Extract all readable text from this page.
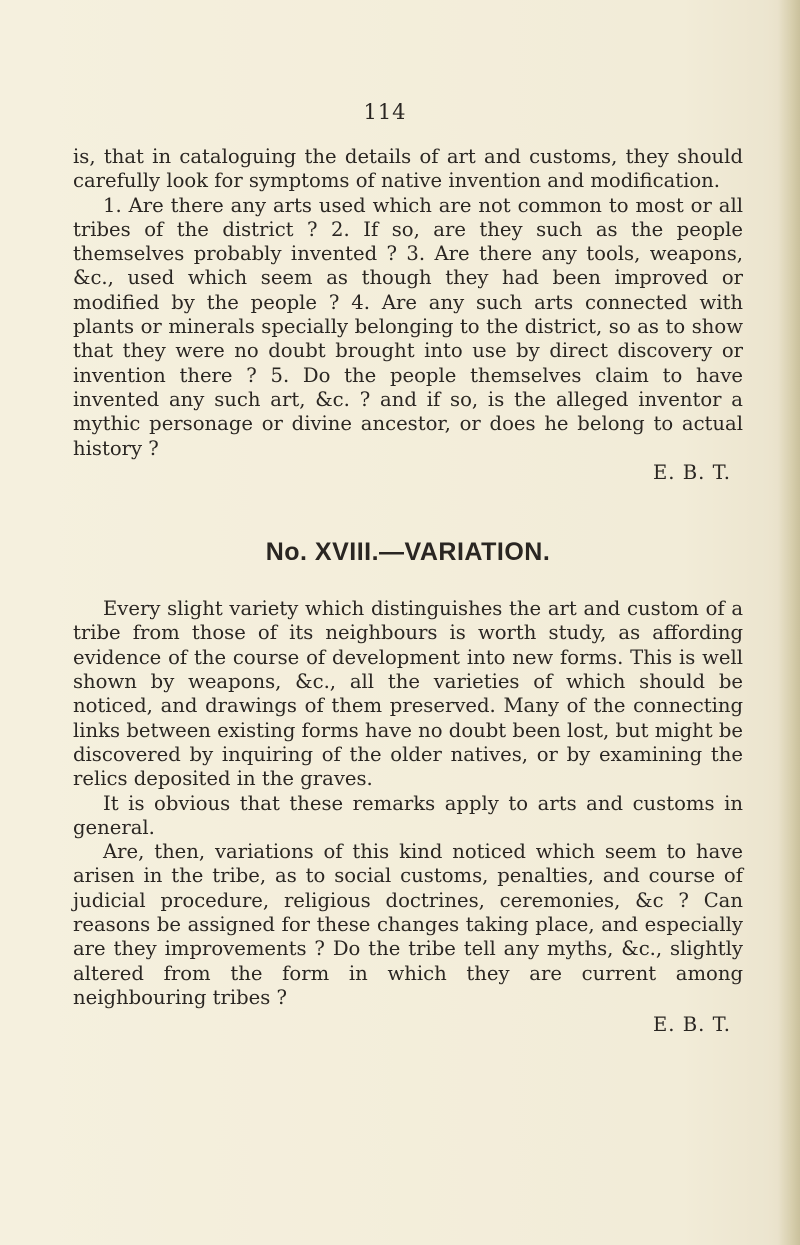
114

is, that in cataloguing the details of art and customs, they should carefully look for symptoms of native invention and modification.

1. Are there any arts used which are not common to most or all tribes of the district ? 2. If so, are they such as the people themselves probably invented ? 3. Are there any tools, weapons, &c., used which seem as though they had been improved or modified by the people ? 4. Are any such arts connected with plants or minerals specially belonging to the district, so as to show that they were no doubt brought into use by direct discovery or invention there ? 5. Do the people themselves claim to have invented any such art, &c. ? and if so, is the alleged inventor a mythic personage or divine ancestor, or does he belong to actual history ?

E. B. T.
No. XVIII.—VARIATION.

Every slight variety which distinguishes the art and custom of a tribe from those of its neighbours is worth study, as affording evidence of the course of development into new forms. This is well shown by weapons, &c., all the varieties of which should be noticed, and drawings of them preserved. Many of the connecting links between existing forms have no doubt been lost, but might be discovered by inquiring of the older natives, or by examining the relics deposited in the graves.

It is obvious that these remarks apply to arts and customs in general.

Are, then, variations of this kind noticed which seem to have arisen in the tribe, as to social customs, penalties, and course of judicial procedure, religious doctrines, ceremonies, &c ? Can reasons be assigned for these changes taking place, and especially are they improvements ? Do the tribe tell any myths, &c., slightly altered from the form in which they are current among neighbouring tribes ?

E. B. T.
